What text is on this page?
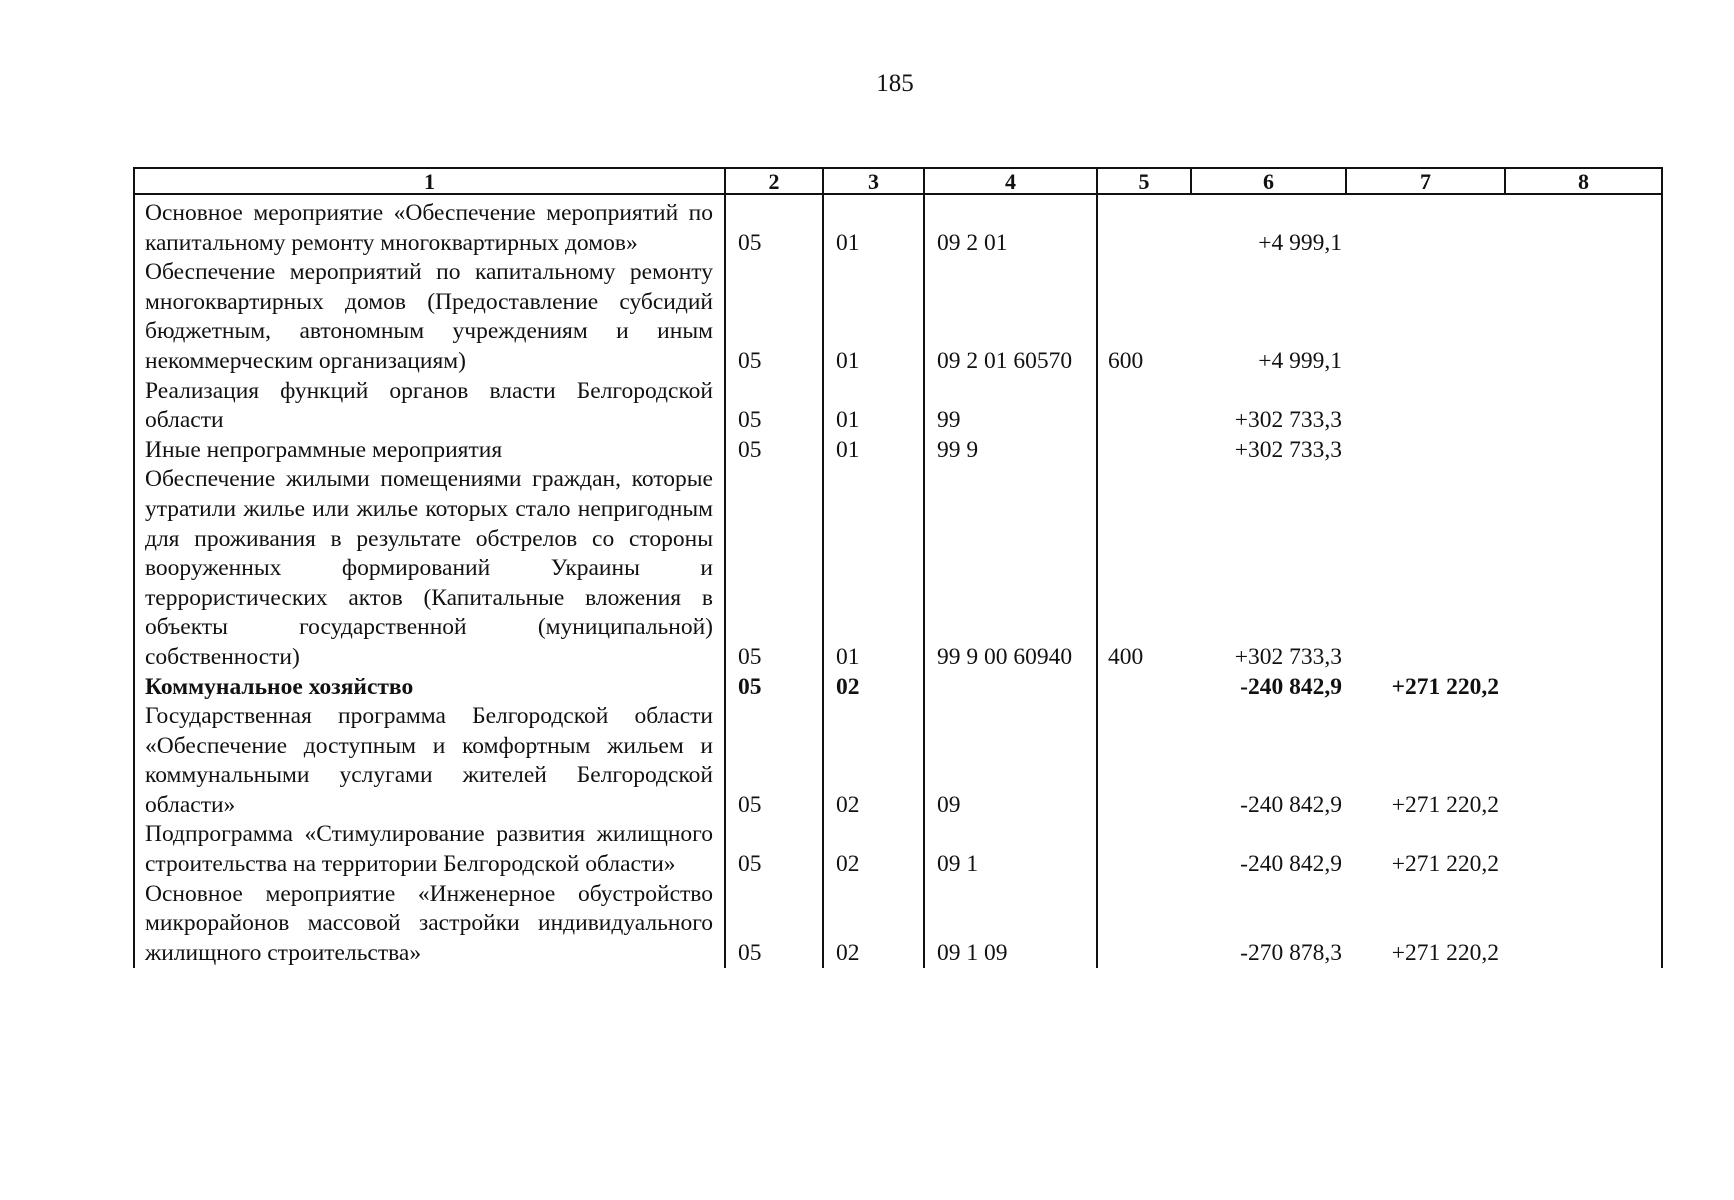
185
1	2	3	4	5	6	7	8
Основное мероприятие «Обеспечение мероприятий по капитальному ремонту многоквартирных домов»	05	01	09 2 01		+4 999,1		
Обеспечение мероприятий по капитальному ремонту многоквартирных домов (Предоставление субсидий бюджетным, автономным учреждениям и иным некоммерческим организациям)	05	01	09 2 01 60570	600	+4 999,1		
Реализация функций органов власти Белгородской области	05	01	99		+302 733,3		
Иные непрограммные мероприятия	05	01	99 9		+302 733,3		
Обеспечение жилыми помещениями граждан, которые утратили жилье или жилье которых стало непригодным для проживания в результате обстрелов со стороны вооруженных формирований Украины и террористических актов (Капитальные вложения в объекты государственной (муниципальной) собственности)	05	01	99 9 00 60940	400	+302 733,3		
Коммунальное хозяйство	05	02			-240 842,9	+271 220,2	
Государственная программа Белгородской области «Обеспечение доступным и комфортным жильем и коммунальными услугами жителей Белгородской области»	05	02	09		-240 842,9	+271 220,2	
Подпрограмма «Стимулирование развития жилищного строительства на территории Белгородской области»	05	02	09 1		-240 842,9	+271 220,2	
Основное мероприятие «Инженерное обустройство микрорайонов массовой застройки индивидуального жилищного строительства»	05	02	09 1 09		-270 878,3	+271 220,2	
